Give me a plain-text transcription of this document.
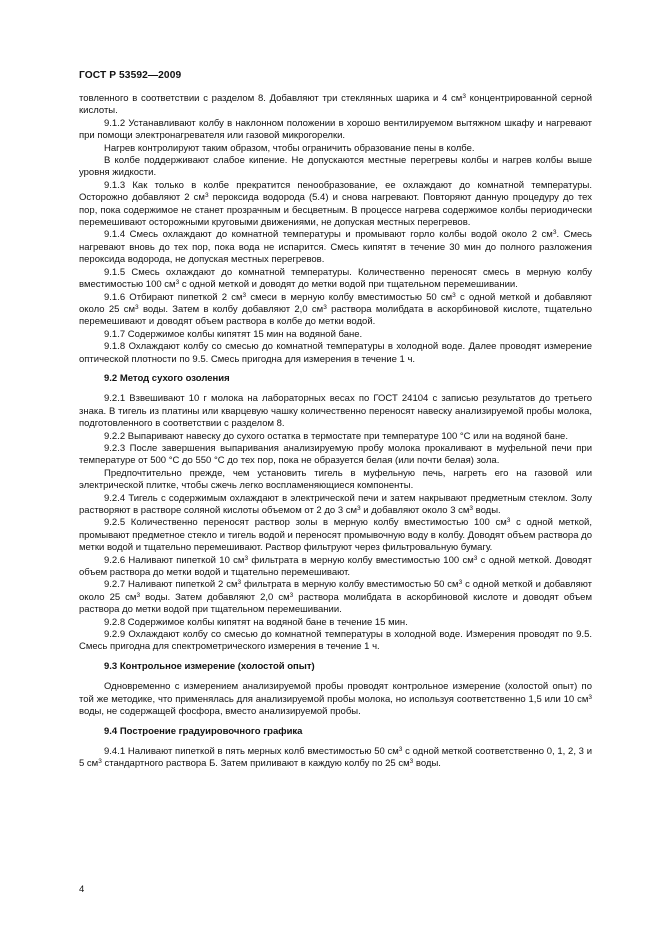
ГОСТ Р 53592—2009

товленного в соответствии с разделом 8. Добавляют три стеклянных шарика и 4 $см^3$ концентрированной серной кислоты.

9.1.2 Устанавливают колбу в наклонном положении в хорошо вентилируемом вытяжном шкафу и нагревают при помощи электронагревателя или газовой микрогорелки.

Нагрев контролируют таким образом, чтобы ограничить образование пены в колбе.

В колбе поддерживают слабое кипение. Не допускаются местные перегревы колбы и нагрев колбы выше уровня жидкости.

9.1.3 Как только в колбе прекратится пенообразование, ее охлаждают до комнатной температуры. Осторожно добавляют 2 $см^3$ пероксида водорода (5.4) и снова нагревают. Повторяют данную процедуру до тех пор, пока содержимое не станет прозрачным и бесцветным. В процессе нагрева содержимое колбы периодически перемешивают осторожными круговыми движениями, не допуская местных перегревов.

9.1.4 Смесь охлаждают до комнатной температуры и промывают горло колбы водой около 2 $см^3$. Смесь нагревают вновь до тех пор, пока вода не испарится. Смесь кипятят в течение 30 мин до полного разложения пероксида водорода, не допуская местных перегревов.

9.1.5 Смесь охлаждают до комнатной температуры. Количественно переносят смесь в мерную колбу вместимостью 100 $см^3$ с одной меткой и доводят до метки водой при тщательном перемешивании.

9.1.6 Отбирают пипеткой 2 $см^3$ смеси в мерную колбу вместимостью 50 $см^3$ с одной меткой и добавляют около 25 $см^3$ воды. Затем в колбу добавляют 2,0 $см^3$ раствора молибдата в аскорбиновой кислоте, тщательно перемешивают и доводят объем раствора в колбе до метки водой.

9.1.7 Содержимое колбы кипятят 15 мин на водяной бане.

9.1.8 Охлаждают колбу со смесью до комнатной температуры в холодной воде. Далее проводят измерение оптической плотности по 9.5. Смесь пригодна для измерения в течение 1 ч.

9.2 Метод сухого озоления

9.2.1 Взвешивают 10 г молока на лабораторных весах по ГОСТ 24104 с записью результатов до третьего знака. В тигель из платины или кварцевую чашку количественно переносят навеску анализируемой пробы молока, подготовленного в соответствии с разделом 8.

9.2.2 Выпаривают навеску до сухого остатка в термостате при температуре 100 °С или на водяной бане.

9.2.3 После завершения выпаривания анализируемую пробу молока прокаливают в муфельной печи при температуре от 500 °С до 550 °С до тех пор, пока не образуется белая (или почти белая) зола.

Предпочтительно прежде, чем установить тигель в муфельную печь, нагреть его на газовой или электрической плитке, чтобы сжечь легко воспламеняющиеся компоненты.

9.2.4 Тигель с содержимым охлаждают в электрической печи и затем накрывают предметным стеклом. Золу растворяют в растворе соляной кислоты объемом от 2 до 3 $см^3$ и добавляют около 3 $см^3$ воды.

9.2.5 Количественно переносят раствор золы в мерную колбу вместимостью 100 $см^3$ с одной меткой, промывают предметное стекло и тигель водой и переносят промывочную воду в колбу. Доводят объем раствора до метки водой и тщательно перемешивают. Раствор фильтруют через фильтровальную бумагу.

9.2.6 Наливают пипеткой 10 $см^3$ фильтрата в мерную колбу вместимостью 100 $см^3$ с одной меткой. Доводят объем раствора до метки водой и тщательно перемешивают.

9.2.7 Наливают пипеткой 2 $см^3$ фильтрата в мерную колбу вместимостью 50 $см^3$ с одной меткой и добавляют около 25 $см^3$ воды. Затем добавляют 2,0 $см^3$ раствора молибдата в аскорбиновой кислоте и доводят объем раствора до метки водой при тщательном перемешивании.

9.2.8 Содержимое колбы кипятят на водяной бане в течение 15 мин.

9.2.9 Охлаждают колбу со смесью до комнатной температуры в холодной воде. Измерения проводят по 9.5. Смесь пригодна для спектрометрического измерения в течение 1 ч.

9.3 Контрольное измерение (холостой опыт)

Одновременно с измерением анализируемой пробы проводят контрольное измерение (холостой опыт) по той же методике, что применялась для анализируемой пробы молока, но используя соответственно 1,5 или 10 $см^3$ воды, не содержащей фосфора, вместо анализируемой пробы.

9.4 Построение градуировочного графика

9.4.1 Наливают пипеткой в пять мерных колб вместимостью 50 $см^3$ с одной меткой соответственно 0, 1, 2, 3 и 5 $см^3$ стандартного раствора Б. Затем приливают в каждую колбу по 25 $см^3$ воды.

4
